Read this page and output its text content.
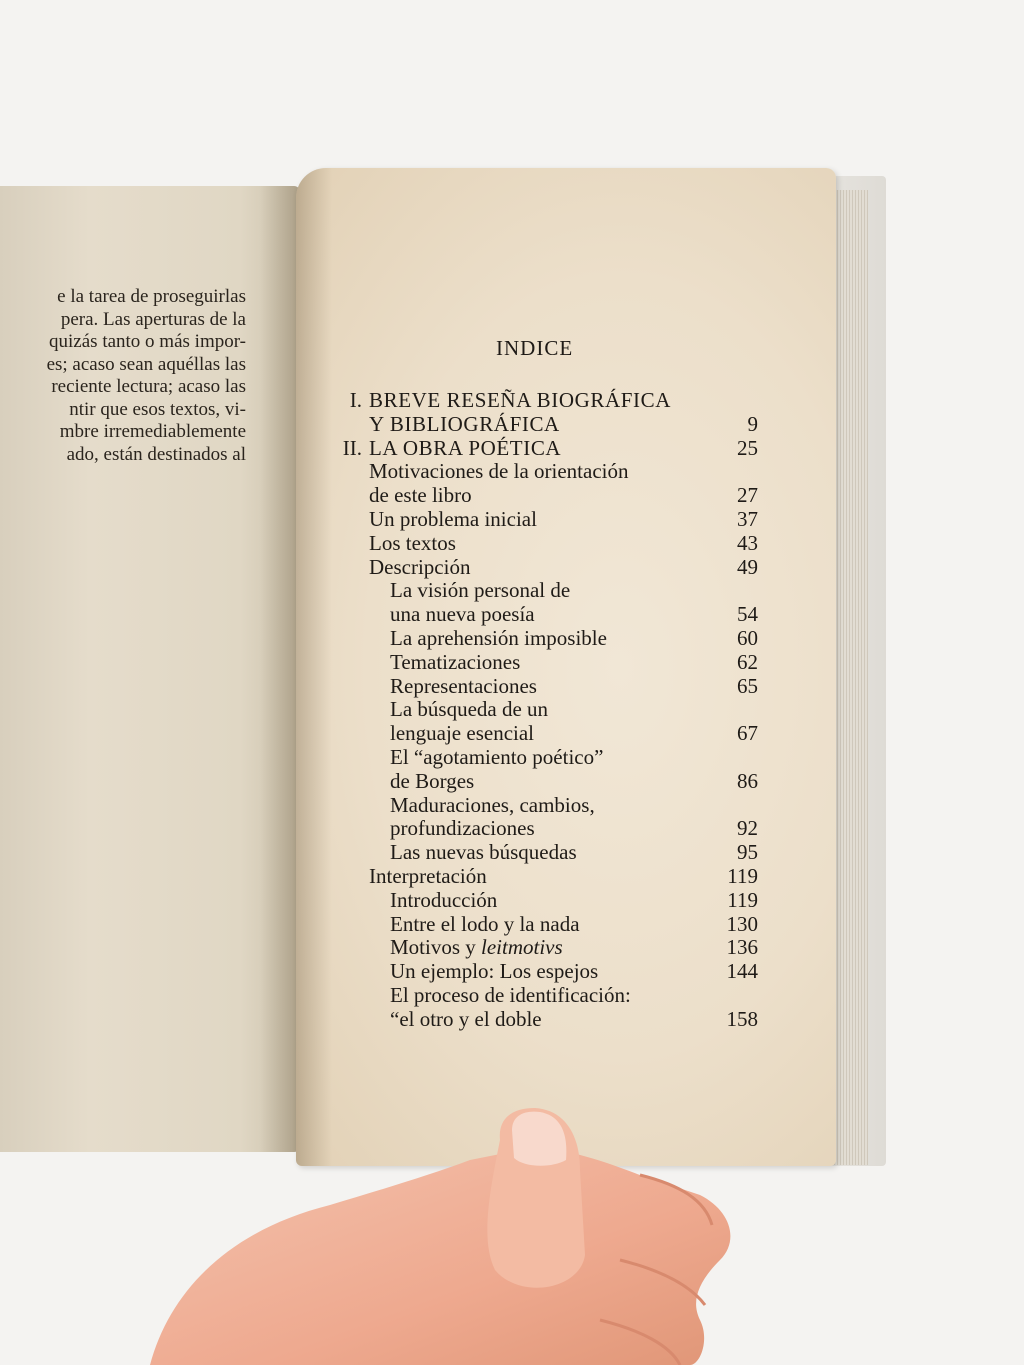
e la tarea de proseguirlas
pera. Las aperturas de la
quizás tanto o más impor-
es; acaso sean aquéllas las
reciente lectura; acaso las
ntir que esos textos, vi-
mbre irremediablemente
ado, están destinados al
INDICE
I. BREVE RESEÑA BIOGRÁFICA
Y BIBLIOGRÁFICA	9
II. LA OBRA POÉTICA	25
Motivaciones de la orientación
de este libro	27
Un problema inicial	37
Los textos	43
Descripción	49
La visión personal de
una nueva poesía	54
La aprehensión imposible	60
Tematizaciones	62
Representaciones	65
La búsqueda de un
lenguaje esencial	67
El “agotamiento poético”
de Borges	86
Maduraciones, cambios,
profundizaciones	92
Las nuevas búsquedas	95
Interpretación	119
Introducción	119
Entre el lodo y la nada	130
Motivos y leitmotivs	136
Un ejemplo: Los espejos	144
El proceso de identificación:
“el otro y el doble	158
